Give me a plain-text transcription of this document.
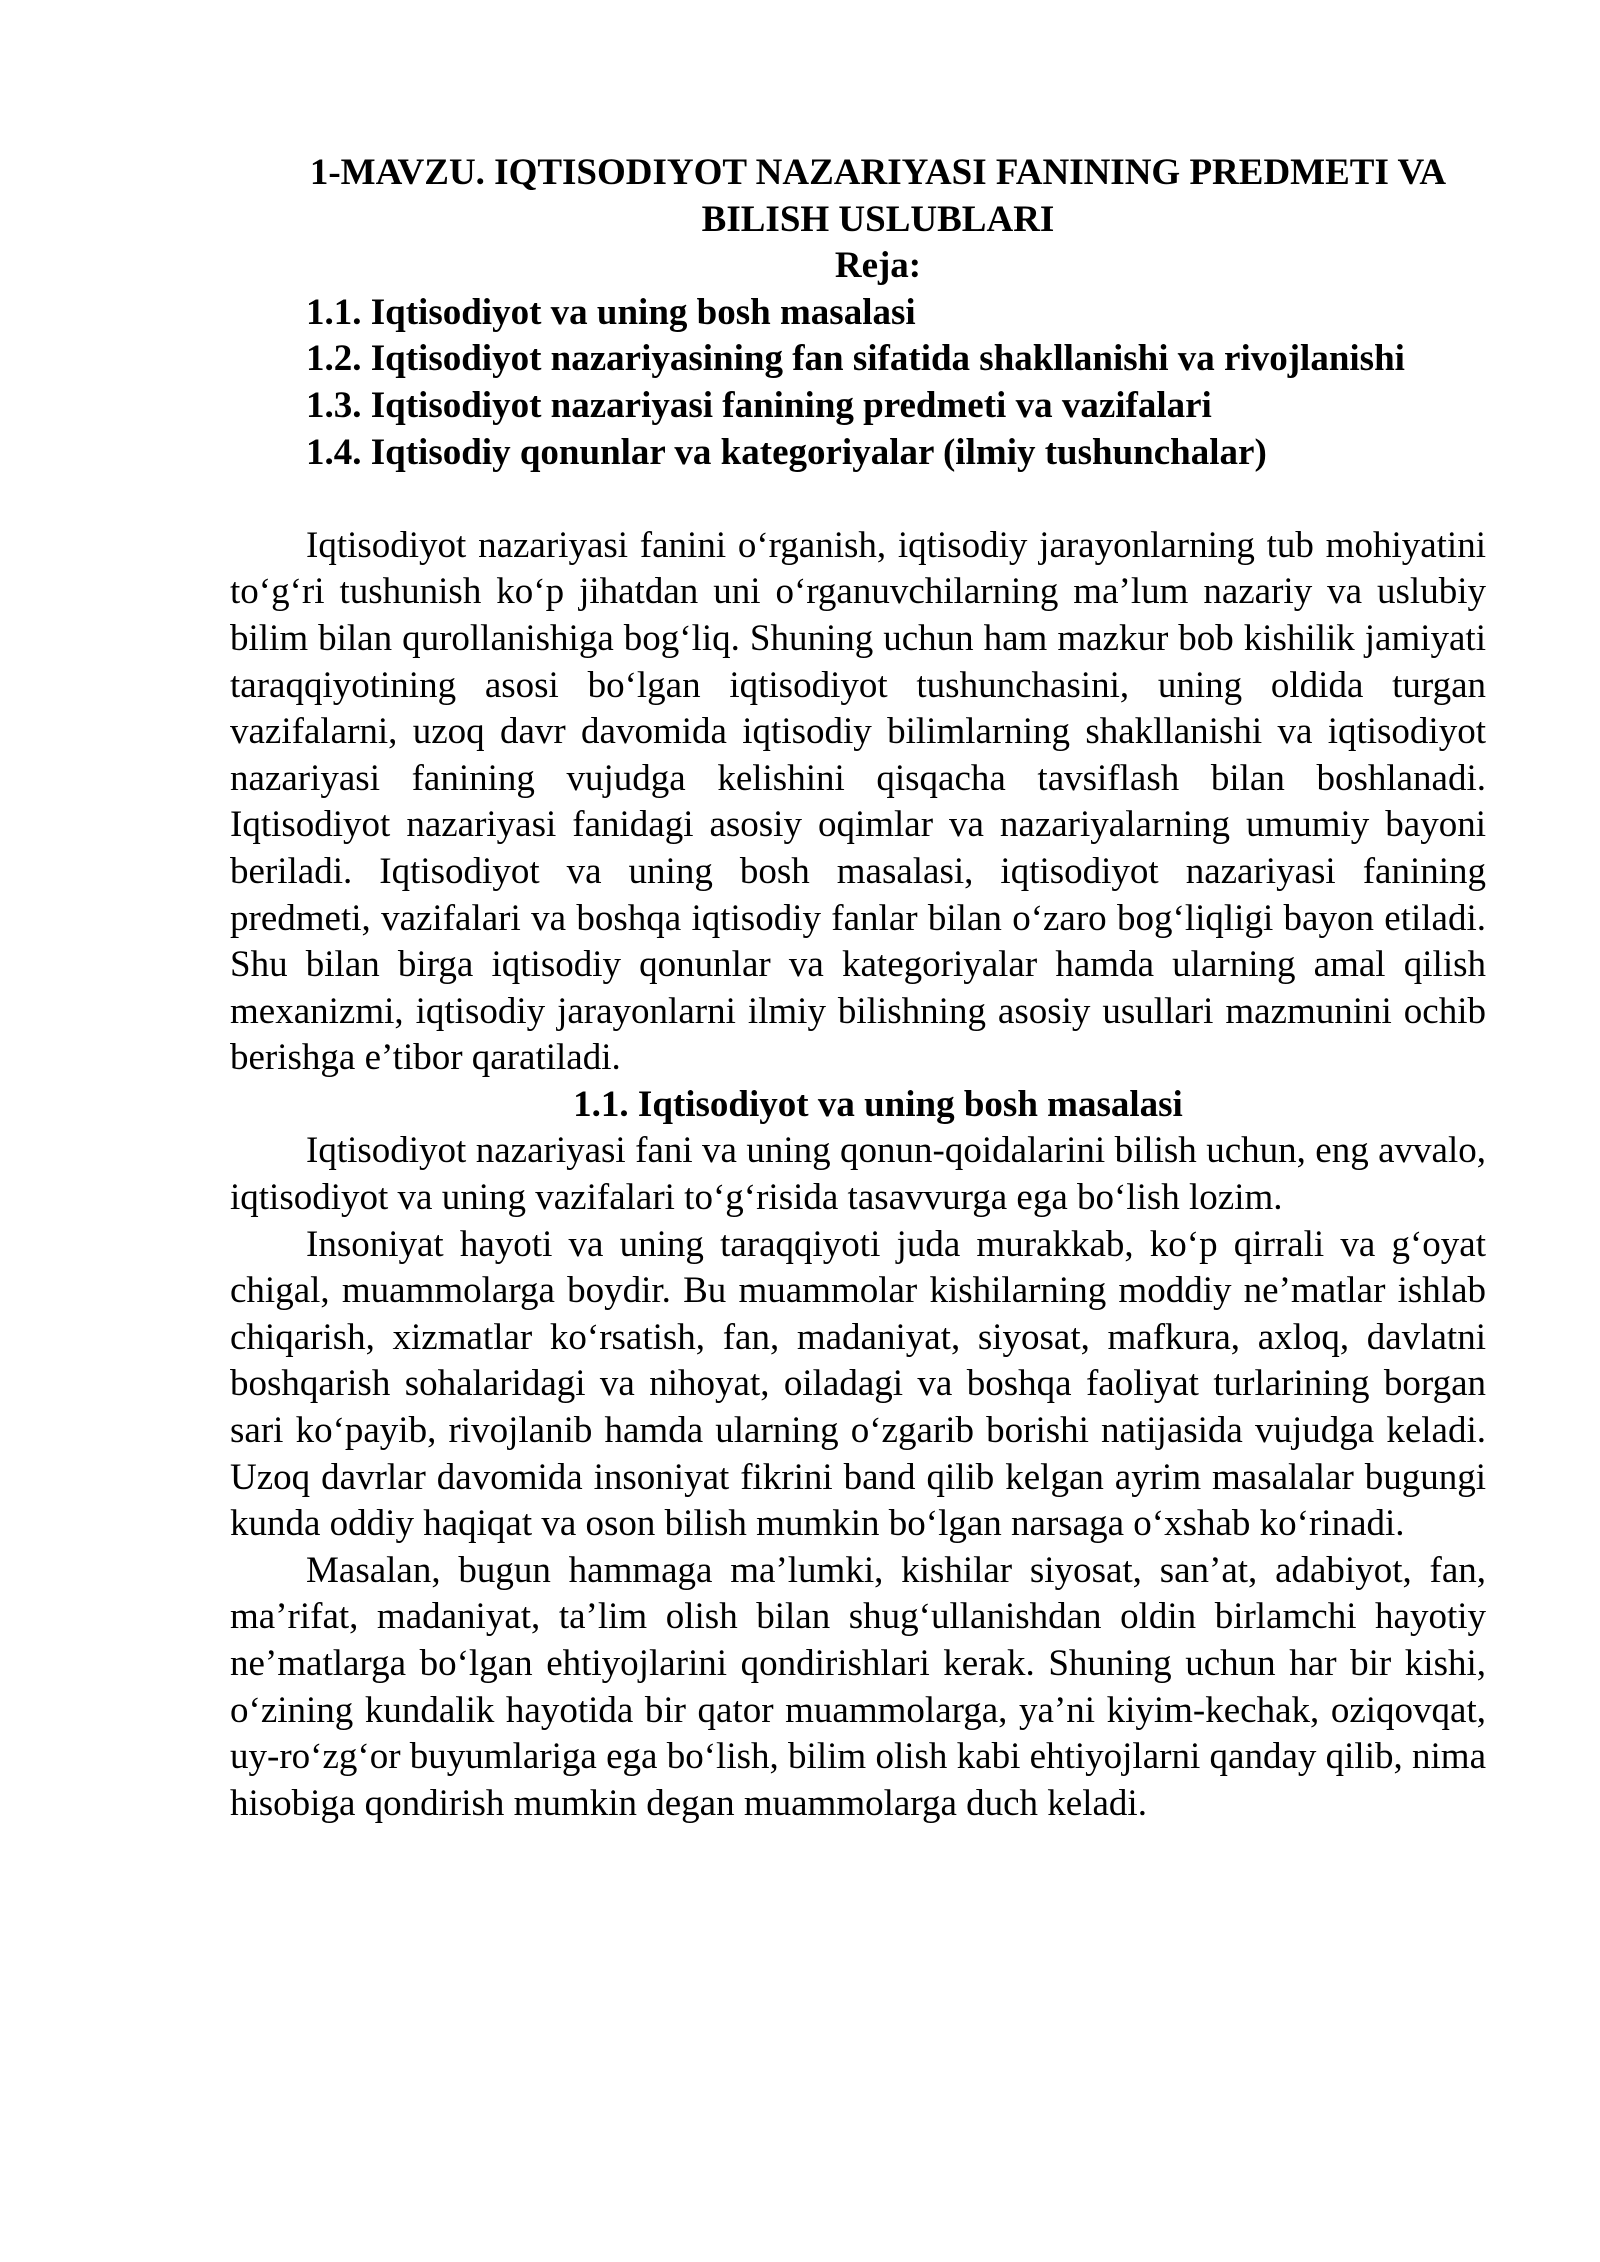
1-MAVZU. IQTISODIYOT NAZARIYASI FANINING PREDMETI VA BILISH USLUBLARI

Reja:

1.1. Iqtisodiyot va uning bosh masalasi

1.2. Iqtisodiyot nazariyasining fan sifatida shakllanishi va rivojlanishi

1.3. Iqtisodiyot nazariyasi fanining predmeti va vazifalari

1.4. Iqtisodiy qonunlar va kategoriyalar (ilmiy tushunchalar)

Iqtisodiyot nazariyasi fanini o‘rganish, iqtisodiy jarayonlarning tub mohiyatini to‘g‘ri tushunish ko‘p jihatdan uni o‘rganuvchilarning ma’lum nazariy va uslubiy bilim bilan qurollanishiga bog‘liq. Shuning uchun ham mazkur bob kishilik jamiyati taraqqiyotining asosi bo‘lgan iqtisodiyot tushunchasini, uning oldida turgan vazifalarni, uzoq davr davomida iqtisodiy bilimlarning shakllanishi va iqtisodiyot nazariyasi fanining vujudga kelishini qisqacha tavsiflash bilan boshlanadi. Iqtisodiyot nazariyasi fanidagi asosiy oqimlar va nazariyalarning umumiy bayoni beriladi. Iqtisodiyot va uning bosh masalasi, iqtisodiyot nazariyasi fanining predmeti, vazifalari va boshqa iqtisodiy fanlar bilan o‘zaro bog‘liqligi bayon etiladi. Shu bilan birga iqtisodiy qonunlar va kategoriyalar hamda ularning amal qilish mexanizmi, iqtisodiy jarayonlarni ilmiy bilishning asosiy usullari mazmunini ochib berishga e’tibor qaratiladi.

1.1. Iqtisodiyot va uning bosh masalasi

Iqtisodiyot nazariyasi fani va uning qonun-qoidalarini bilish uchun, eng avvalo, iqtisodiyot va uning vazifalari to‘g‘risida tasavvurga ega bo‘lish lozim.

Insoniyat hayoti va uning taraqqiyoti juda murakkab, ko‘p qirrali va g‘oyat chigal, muammolarga boydir. Bu muammolar kishilarning moddiy ne’matlar ishlab chiqarish, xizmatlar ko‘rsatish, fan, madaniyat, siyosat, mafkura, axloq, davlatni boshqarish sohalaridagi va nihoyat, oiladagi va boshqa faoliyat turlarining borgan sari ko‘payib, rivojlanib hamda ularning o‘zgarib borishi natijasida vujudga keladi. Uzoq davrlar davomida insoniyat fikrini band qilib kelgan ayrim masalalar bugungi kunda oddiy haqiqat va oson bilish mumkin bo‘lgan narsaga o‘xshab ko‘rinadi.

Masalan, bugun hammaga ma’lumki, kishilar siyosat, san’at, adabiyot, fan, ma’rifat, madaniyat, ta’lim olish bilan shug‘ullanishdan oldin birlamchi hayotiy ne’matlarga bo‘lgan ehtiyojlarini qondirishlari kerak. Shuning uchun har bir kishi, o‘zining kundalik hayotida bir qator muammolarga, ya’ni kiyim-kechak, oziqovqat, uy-ro‘zg‘or buyumlariga ega bo‘lish, bilim olish kabi ehtiyojlarni qanday qilib, nima hisobiga qondirish mumkin degan muammolarga duch keladi.
